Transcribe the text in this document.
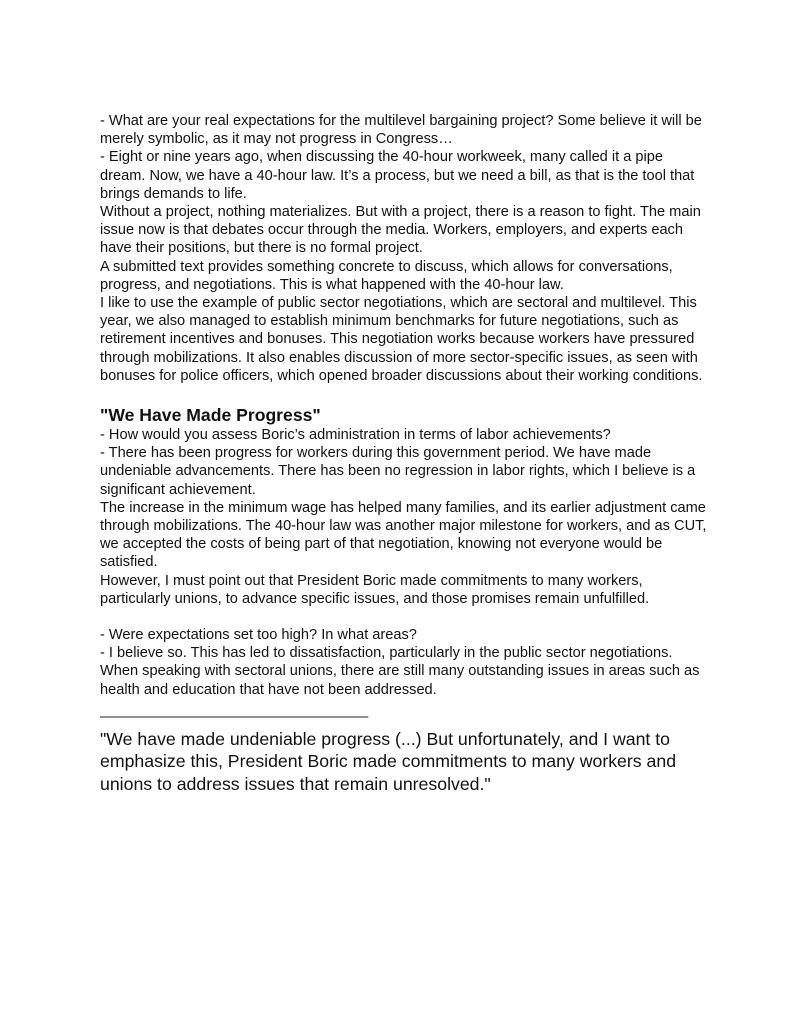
- What are your real expectations for the multilevel bargaining project? Some believe it will be merely symbolic, as it may not progress in Congress…

- Eight or nine years ago, when discussing the 40-hour workweek, many called it a pipe dream. Now, we have a 40-hour law. It’s a process, but we need a bill, as that is the tool that brings demands to life.

Without a project, nothing materializes. But with a project, there is a reason to fight. The main issue now is that debates occur through the media. Workers, employers, and experts each have their positions, but there is no formal project.

A submitted text provides something concrete to discuss, which allows for conversations, progress, and negotiations. This is what happened with the 40-hour law.

I like to use the example of public sector negotiations, which are sectoral and multilevel. This year, we also managed to establish minimum benchmarks for future negotiations, such as retirement incentives and bonuses. This negotiation works because workers have pressured through mobilizations. It also enables discussion of more sector-specific issues, as seen with bonuses for police officers, which opened broader discussions about their working conditions.

"We Have Made Progress"

- How would you assess Boric’s administration in terms of labor achievements?

- There has been progress for workers during this government period. We have made undeniable advancements. There has been no regression in labor rights, which I believe is a significant achievement.

The increase in the minimum wage has helped many families, and its earlier adjustment came through mobilizations. The 40-hour law was another major milestone for workers, and as CUT, we accepted the costs of being part of that negotiation, knowing not everyone would be satisfied.

However, I must point out that President Boric made commitments to many workers, particularly unions, to advance specific issues, and those promises remain unfulfilled.

- Were expectations set too high? In what areas?

- I believe so. This has led to dissatisfaction, particularly in the public sector negotiations. When speaking with sectoral unions, there are still many outstanding issues in areas such as health and education that have not been addressed.

———————————————————

"We have made undeniable progress (...) But unfortunately, and I want to emphasize this, President Boric made commitments to many workers and unions to address issues that remain unresolved."
